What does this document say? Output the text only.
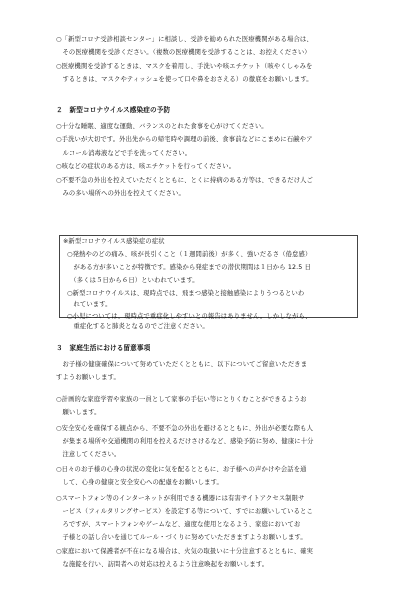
○「新型コロナ受診相談センター」に相談し、受診を勧められた医療機関がある場合は、
　その医療機関を受診ください。（複数の医療機関を受診することは、お控えください）
○医療機関を受診するときは、マスクを着用し、手洗いや咳エチケット（咳やくしゃみを
　するときは、マスクやティッシュを使って口や鼻をおさえる）の徹底をお願いします。
２　新型コロナウイルス感染症の予防
○十分な睡眠、適度な運動、バランスのとれた食事を心がけてください。
○手洗いが大切です。外出先からの帰宅時や調理の前後、食事前などにこまめに石鹸やア
　ルコール消毒液などで手を洗ってください。
○咳などの症状のある方は、咳エチケットを行ってください。
○不要不急の外出を控えていただくとともに、とくに持病のある方等は、できるだけ人ご
　みの多い場所への外出を控えてください。
※新型コロナウイルス感染症の症状
○発熱やのどの痛み、咳が長引くこと（１週間前後）が多く、強いだるさ（倦怠感）
　がある方が多いことが特徴です。感染から発症までの潜伏期間は１日から 12.5 日
　（多くは５日から６日）といわれています。
○新型コロナウイルスは、現時点では、飛まつ感染と接触感染によりうつるといわ
　れています。
○小児については、現時点で重症化しやすいとの報告はありません。しかしながら、
　重症化すると肺炎となるのでご注意ください。
３　家庭生活における留意事項
　お子様の健康確保について努めていただくとともに、以下についてご留意いただきま
すようお願いします。
○計画的な家庭学習や家族の一員として家事の手伝い等にとりくむことができるようお
　願いします。
○安全安心を確保する観点から、不要不急の外出を避けるとともに、外出が必要な際も人
　が集まる場所や交通機関の利用を控えるだけさけるなど、感染予防に努め、健康に十分
　注意してください。
○日々のお子様の心身の状況の変化に気を配るとともに、お子様への声かけや会話を通
　して、心身の健康と安全安心への配慮をお願いします。
○スマートフォン等のインターネットが利用できる機器には有害サイトアクセス制限サ
　ービス（フィルタリングサービス）を設定する等について、すでにお願いしているとこ
　ろですが、スマートフォンやゲームなど、適度な使用となるよう、家庭においてお
　子様との話し合いを通じてルール・づくりに努めていただきますようお願いします。
○家庭において保護者が不在になる場合は、火気の取扱いに十分注意するとともに、確実
　な施錠を行い、訪問者への対応は控えるよう注意喚起をお願いします。
